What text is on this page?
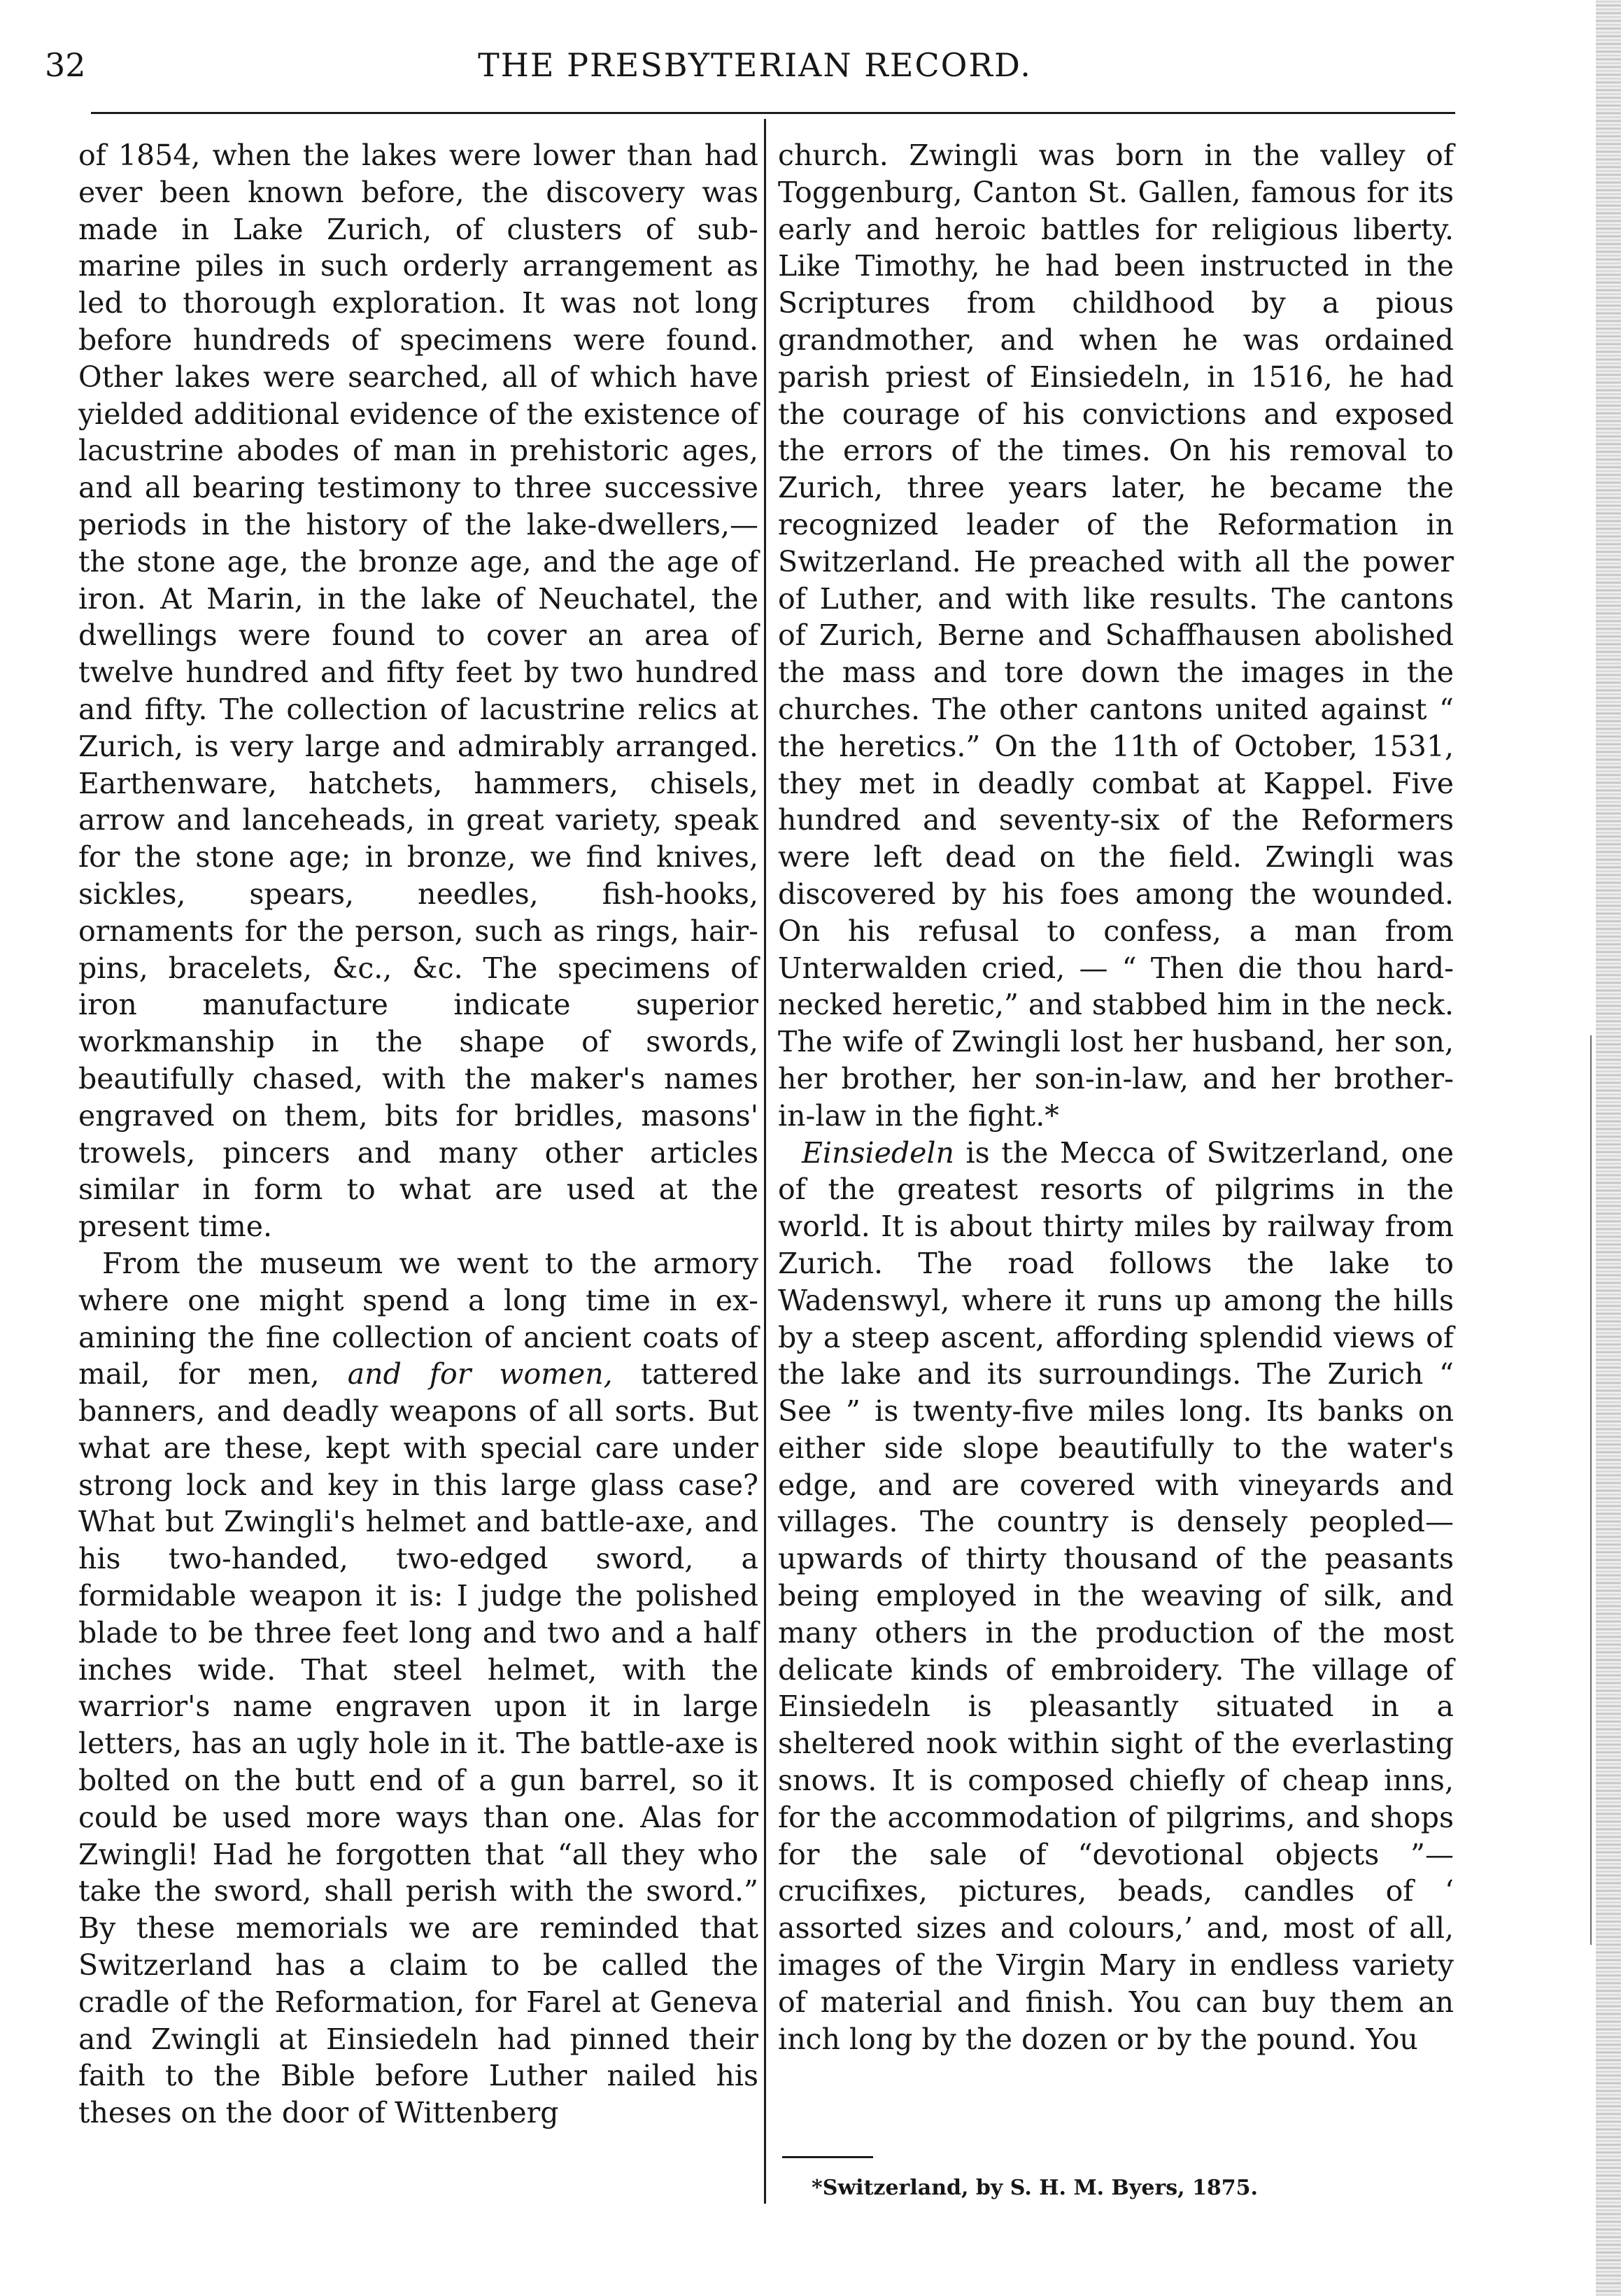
32	THE PRESBYTERIAN RECORD.

of 1854, when the lakes were lower than had ever been known before, the discovery was made in Lake Zurich, of clusters of sub-marine piles in such orderly arrangement as led to thorough exploration. It was not long before hundreds of specimens were found. Other lakes were searched, all of which have yielded additional evidence of the existence of lacustrine abodes of man in prehistoric ages, and all bearing testimony to three successive periods in the history of the lake-dwellers,—the stone age, the bronze age, and the age of iron. At Marin, in the lake of Neuchatel, the dwellings were found to cover an area of twelve hundred and fifty feet by two hundred and fifty. The collection of lacustrine relics at Zurich, is very large and admirably arranged. Earthenware, hatchets, hammers, chisels, arrow and lanceheads, in great variety, speak for the stone age; in bronze, we find knives, sickles, spears, needles, fish-hooks, ornaments for the person, such as rings, hair-pins, bracelets, &c., &c. The specimens of iron manufacture indicate superior workmanship in the shape of swords, beautifully chased, with the maker's names engraved on them, bits for bridles, masons' trowels, pincers and many other articles similar in form to what are used at the present time.

From the museum we went to the armory where one might spend a long time in examining the fine collection of ancient coats of mail, for men, and for women, tattered banners, and deadly weapons of all sorts. But what are these, kept with special care under strong lock and key in this large glass case? What but Zwingli's helmet and battle-axe, and his two-handed, two-edged sword, a formidable weapon it is: I judge the polished blade to be three feet long and two and a half inches wide. That steel helmet, with the warrior's name engraven upon it in large letters, has an ugly hole in it. The battle-axe is bolted on the butt end of a gun barrel, so it could be used more ways than one. Alas for Zwingli! Had he forgotten that “all they who take the sword, shall perish with the sword.” By these memorials we are reminded that Switzerland has a claim to be called the cradle of the Reformation, for Farel at Geneva and Zwingli at Einsiedeln had pinned their faith to the Bible before Luther nailed his theses on the door of Wittenberg

church. Zwingli was born in the valley of Toggenburg, Canton St. Gallen, famous for its early and heroic battles for religious liberty. Like Timothy, he had been instructed in the Scriptures from childhood by a pious grandmother, and when he was ordained parish priest of Einsiedeln, in 1516, he had the courage of his convictions and exposed the errors of the times. On his removal to Zurich, three years later, he became the recognized leader of the Reformation in Switzerland. He preached with all the power of Luther, and with like results. The cantons of Zurich, Berne and Schaffhausen abolished the mass and tore down the images in the churches. The other cantons united against “ the heretics.” On the 11th of October, 1531, they met in deadly combat at Kappel. Five hundred and seventy-six of the Reformers were left dead on the field. Zwingli was discovered by his foes among the wounded. On his refusal to confess, a man from Unterwalden cried, — “ Then die thou hard-necked heretic,” and stabbed him in the neck. The wife of Zwingli lost her husband, her son, her brother, her son-in-law, and her brother-in-law in the fight.*

Einsiedeln is the Mecca of Switzerland, one of the greatest resorts of pilgrims in the world. It is about thirty miles by railway from Zurich. The road follows the lake to Wadenswyl, where it runs up among the hills by a steep ascent, affording splendid views of the lake and its surroundings. The Zurich “ See ” is twenty-five miles long. Its banks on either side slope beautifully to the water's edge, and are covered with vineyards and villages. The country is densely peopled—upwards of thirty thousand of the peasants being employed in the weaving of silk, and many others in the production of the most delicate kinds of embroidery. The village of Einsiedeln is pleasantly situated in a sheltered nook within sight of the everlasting snows. It is composed chiefly of cheap inns, for the accommodation of pilgrims, and shops for the sale of “devotional objects ”—crucifixes, pictures, beads, candles of ‘ assorted sizes and colours,’ and, most of all, images of the Virgin Mary in endless variety of material and finish. You can buy them an inch long by the dozen or by the pound. You

*Switzerland, by S. H. M. Byers, 1875.
